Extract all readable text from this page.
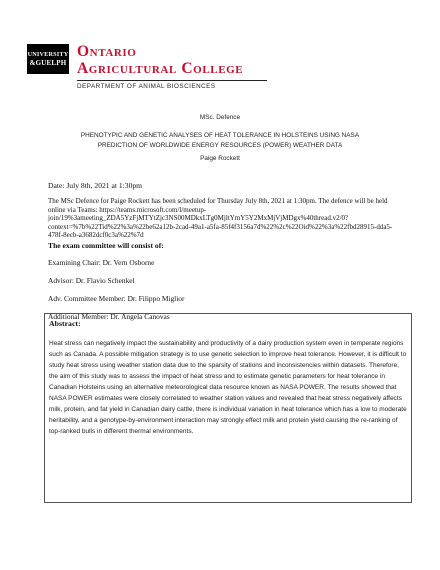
UNIVERSITY
&GUELPH
Ontario
Agricultural College
DEPARTMENT OF ANIMAL BIOSCIENCES
MSc. Defence
PHENOTYPIC AND GENETIC ANALYSES OF HEAT TOLERANCE IN HOLSTEINS USING NASA
PREDICTION OF WORLDWIDE ENERGY RESOURCES (POWER) WEATHER DATA
Paige Rockett
Date: July 8th, 2021 at 1:30pm
The MSc Defence for Paige Rockett has been scheduled for Thursday July 8th, 2021 at 1:30pm. The defence will be held online via Teams: https://teams.microsoft.com/l/meetup-join/19%3ameeting_ZDA5YzFjMTYtZjc3NS00MDkxLTg0MjltYmY5Y2MxMjVjMDgx%40thread.v2/0?context=%7b%22Tid%22%3a%22be62a12b-2cad-49a1-a5fa-85f4f3156a7d%22%2c%22Oid%22%3a%22fbd28915-dda5-478f-8ecb-a3682dcf0c3a%22%7d
The exam committee will consist of:
Examining Chair: Dr. Vern Osborne
Advisor: Dr. Flavio Schenkel
Adv. Committee Member: Dr. Filippo Miglior
Additional Member: Dr. Angela Canovas
Abstract:
Heat stress can negatively impact the sustainability and productivity of a dairy production system even in temperate regions such as Canada. A possible mitigation strategy is to use genetic selection to improve heat tolerance. However, it is difficult to study heat stress using weather station data due to the sparsity of stations and inconsistencies within datasets. Therefore, the aim of this study was to assess the impact of heat stress and to estimate genetic parameters for heat tolerance in Canadian Holsteins using an alternative meteorological data resource known as NASA POWER. The results showed that NASA POWER estimates were closely correlated to weather station values and revealed that heat stress negatively affects milk, protein, and fat yield in Canadian dairy cattle, there is individual variation in heat tolerance which has a low to moderate heritability, and a genotype-by-environment interaction may strongly effect milk and protein yield causing the re-ranking of top-ranked bulls in different thermal environments.
